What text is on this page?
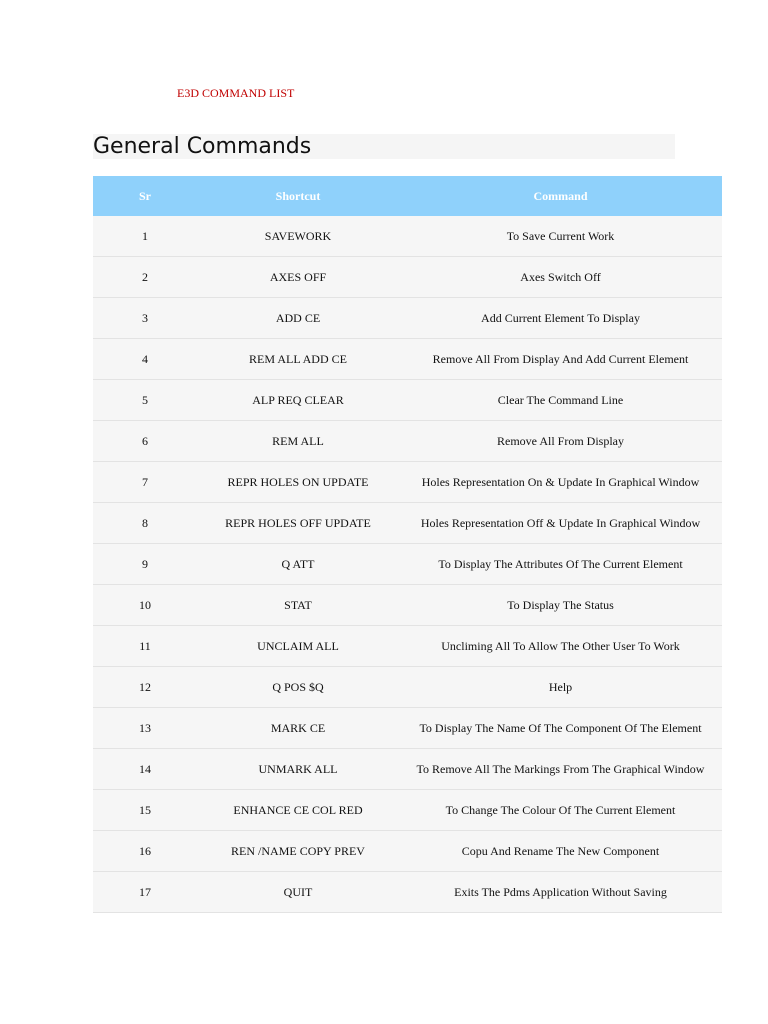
E3D COMMAND LIST
General Commands
Sr	Shortcut	Command
1	SAVEWORK	To Save Current Work
2	AXES OFF	Axes Switch Off
3	ADD CE	Add Current Element To Display
4	REM ALL ADD CE	Remove All From Display And Add Current Element
5	ALP REQ CLEAR	Clear The Command Line
6	REM ALL	Remove All From Display
7	REPR HOLES ON UPDATE	Holes Representation On & Update In Graphical Window
8	REPR HOLES OFF UPDATE	Holes Representation Off & Update In Graphical Window
9	Q ATT	To Display The Attributes Of The Current Element
10	STAT	To Display The Status
11	UNCLAIM ALL	Uncliming All To Allow The Other User To Work
12	Q POS $Q	Help
13	MARK CE	To Display The Name Of The Component Of The Element
14	UNMARK ALL	To Remove All The Markings From The Graphical Window
15	ENHANCE CE COL RED	To Change The Colour Of The Current Element
16	REN /NAME COPY PREV	Copu And Rename The New Component
17	QUIT	Exits The Pdms Application Without Saving
